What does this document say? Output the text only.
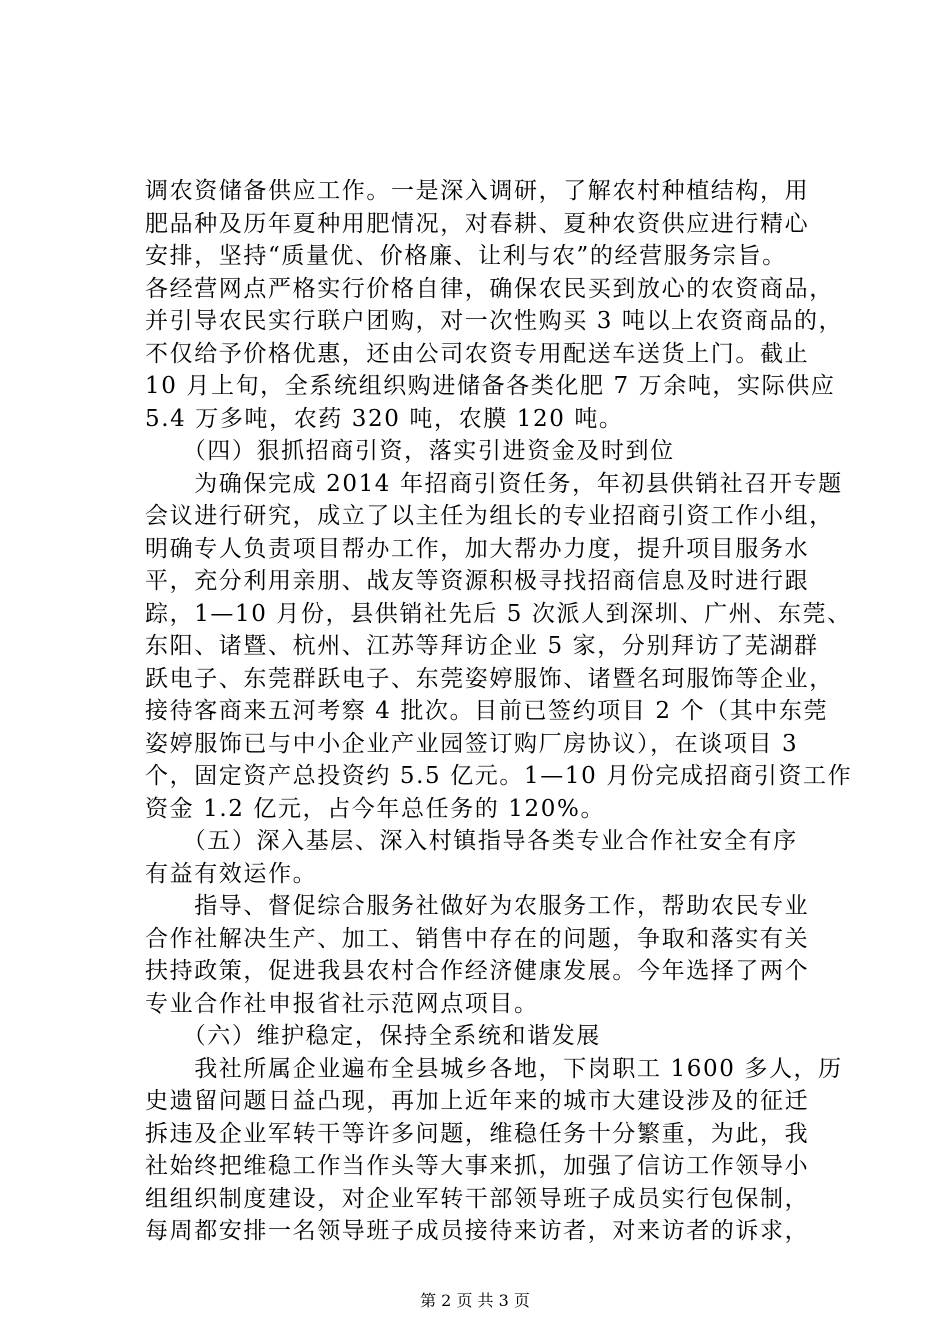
调农资储备供应工作。一是深入调研，了解农村种植结构，用
肥品种及历年夏种用肥情况，对春耕、夏种农资供应进行精心
安排，坚持“质量优、价格廉、让利与农”的经营服务宗旨。
各经营网点严格实行价格自律，确保农民买到放心的农资商品，
并引导农民实行联户团购，对一次性购买 3 吨以上农资商品的，
不仅给予价格优惠，还由公司农资专用配送车送货上门。截止
10 月上旬，全系统组织购进储备各类化肥 7 万余吨，实际供应
5.4 万多吨，农药 320 吨，农膜 120 吨。
　　（四）狠抓招商引资，落实引进资金及时到位
　　为确保完成 2014 年招商引资任务，年初县供销社召开专题
会议进行研究，成立了以主任为组长的专业招商引资工作小组，
明确专人负责项目帮办工作，加大帮办力度，提升项目服务水
平，充分利用亲朋、战友等资源积极寻找招商信息及时进行跟
踪，1—10 月份，县供销社先后 5 次派人到深圳、广州、东莞、
东阳、诸暨、杭州、江苏等拜访企业 5 家，分别拜访了芜湖群
跃电子、东莞群跃电子、东莞姿婷服饰、诸暨名珂服饰等企业，
接待客商来五河考察 4 批次。目前已签约项目 2 个（其中东莞
姿婷服饰已与中小企业产业园签订购厂房协议），在谈项目 3
个，固定资产总投资约 5.5 亿元。1—10 月份完成招商引资工作
资金 1.2 亿元，占今年总任务的 120%。
　　（五）深入基层、深入村镇指导各类专业合作社安全有序
有益有效运作。
　　指导、督促综合服务社做好为农服务工作，帮助农民专业
合作社解决生产、加工、销售中存在的问题，争取和落实有关
扶持政策，促进我县农村合作经济健康发展。今年选择了两个
专业合作社申报省社示范网点项目。
　　（六）维护稳定，保持全系统和谐发展
　　我社所属企业遍布全县城乡各地，下岗职工 1600 多人，历
史遗留问题日益凸现，再加上近年来的城市大建设涉及的征迁
拆违及企业军转干等许多问题，维稳任务十分繁重，为此，我
社始终把维稳工作当作头等大事来抓，加强了信访工作领导小
组组织制度建设，对企业军转干部领导班子成员实行包保制，
每周都安排一名领导班子成员接待来访者，对来访者的诉求，
第 2 页 共 3 页
